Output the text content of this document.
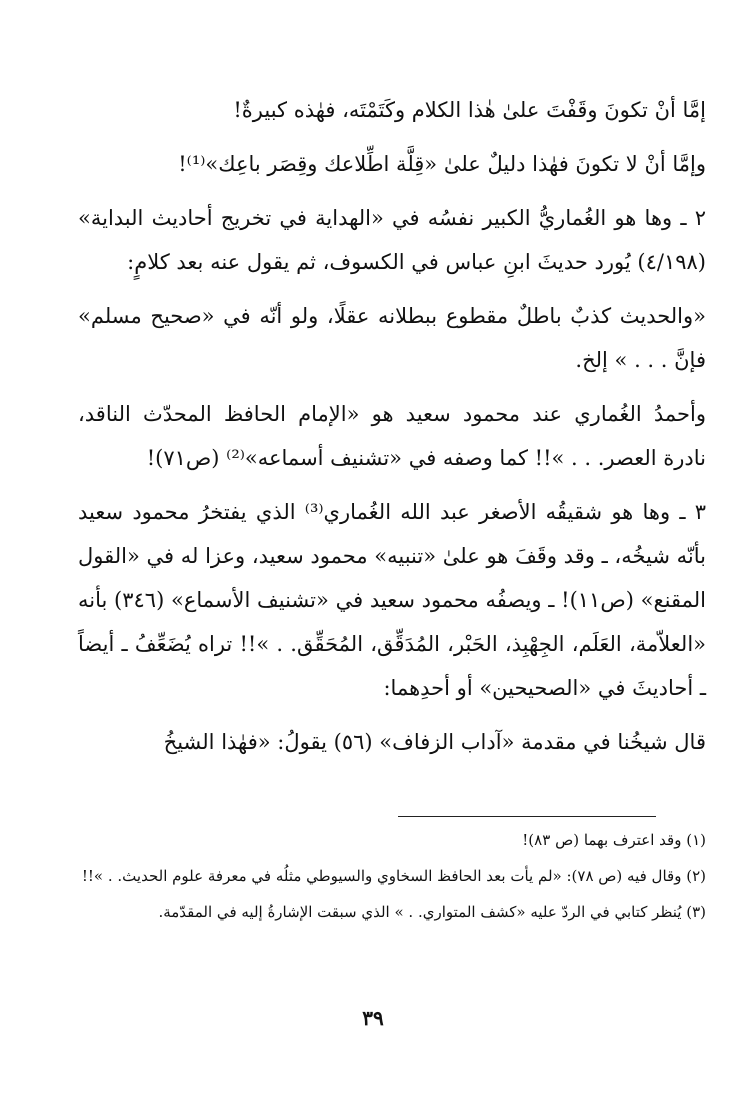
إمَّا أنْ تكونَ وقَفْتَ علىٰ هٰذا الكلام وكَتَمْتَه، فهٰذه كبيرةٌ!

وإمَّا أنْ لا تكونَ فهٰذا دليلٌ علىٰ «قِلَّة اطِّلاعك وقِصَر باعِك»⁽¹⁾!

٢ ـ وها هو الغُماريُّ الكبير نفسُه في «الهداية في تخريج أحاديث البداية» (٤/١٩٨) يُورد حديثَ ابنِ عباس في الكسوف، ثم يقول عنه بعد كلامٍ:

«والحديث كذبٌ باطلٌ مقطوع ببطلانه عقلًا، ولو أنّه في «صحيح مسلم» فإنَّ . . . » إلخ.

وأحمدُ الغُماري عند محمود سعيد هو «الإمام الحافظ المحدّث الناقد، نادرة العصر. . . »!! كما وصفه في «تشنيف أسماعه»⁽²⁾ (ص٧١)!

٣ ـ وها هو شقيقُه الأصغر عبد الله الغُماري⁽³⁾ الذي يفتخرُ محمود سعيد بأنّه شيخُه، ـ وقد وقَفَ هو علىٰ «تنبيه» محمود سعيد، وعزا له في «القول المقنع» (ص١١)! ـ ويصفُه محمود سعيد في «تشنيف الأسماع» (٣٤٦) بأنه «العلاّمة، العَلَم، الجِهْبِذ، الحَبْر، المُدَقِّق، المُحَقِّق. . »!! تراه يُضَعِّفُ ـ أيضاً ـ أحاديثَ في «الصحيحين» أو أحدِهما:

قال شيخُنا في مقدمة «آداب الزفاف» (٥٦) يقولُ: «فهٰذا الشيخُ

(١) وقد اعترف بهما (ص ٨٣)!

(٢) وقال فيه (ص ٧٨): «لم يأت بعد الحافظ السخاوي والسيوطي مثلُه في معرفة علوم الحديث. . »!!

(٣) يُنظر كتابي في الردّ عليه «كشف المتواري. . » الذي سبقت الإشارةُ إليه في المقدّمة.

٣٩
